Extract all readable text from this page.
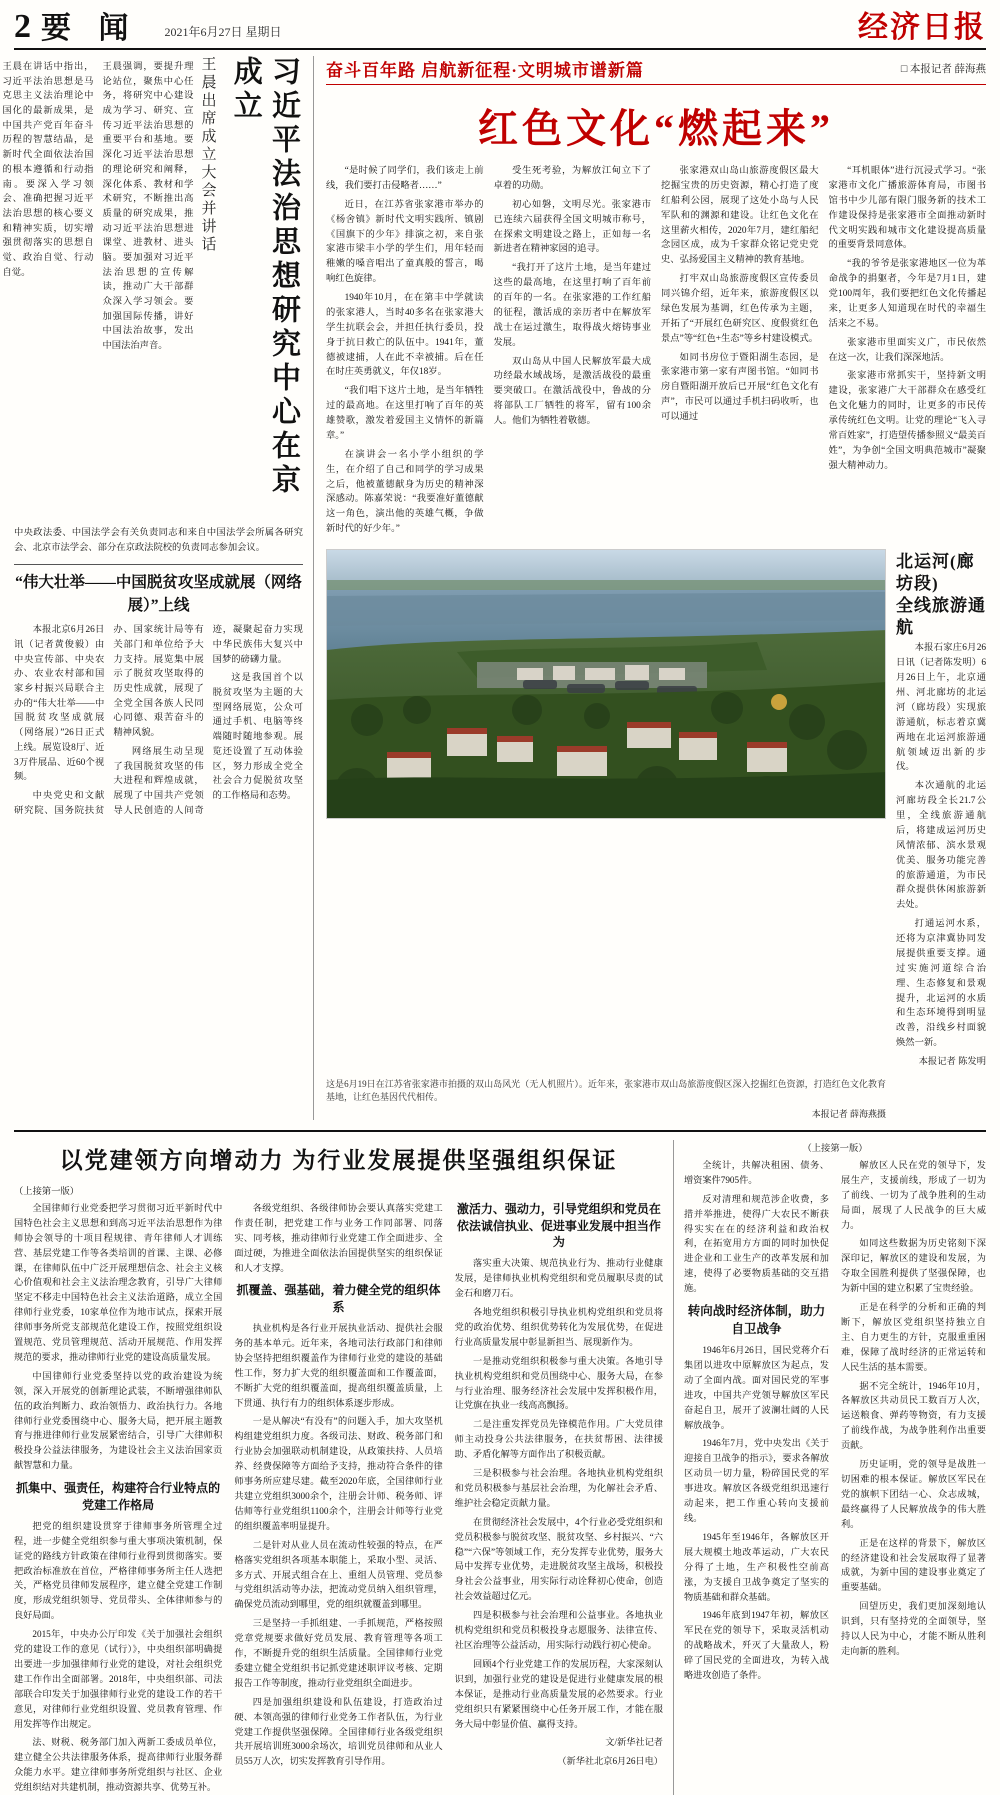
2 要 闻 2021年6月27日 星期日	经济日报
习近平法治思想研究中心在京成立
王晨出席成立大会并讲话
王晨在讲话中指出，习近平法治思想是马克思主义法治理论中国化的最新成果，是中国共产党百年奋斗历程的智慧结晶，是新时代全面依法治国的根本遵循和行动指南。要深入学习领会、准确把握习近平法治思想的核心要义和精神实质，切实增强贯彻落实的思想自觉、政治自觉、行动自觉。
王晨强调，要提升理论站位，聚焦中心任务，将研究中心建设成为学习、研究、宣传习近平法治思想的重要平台和基地。要深化习近平法治思想的理论研究和阐释，深化体系、教材和学术研究，不断推出高质量的研究成果，推动习近平法治思想进课堂、进教材、进头脑。要加强对习近平法治思想的宣传解读，推动广大干部群众深入学习领会。要加强国际传播，讲好中国法治故事，发出中国法治声音。
中央政法委、中国法学会有关负责同志和来自中国法学会所属各研究会、北京市法学会、部分在京政法院校的负责同志参加会议。
“伟大壮举——中国脱贫攻坚成就展（网络展）”上线

本报北京6月26日讯（记者黄俊毅）由中央宣传部、中央农办、农业农村部和国家乡村振兴局联合主办的“伟大壮举——中国脱贫攻坚成就展（网络展）”26日正式上线。展览设8厅、近3万件展品、近60个视频。

中央党史和文献研究院、国务院扶贫办、国家统计局等有关部门和单位给予大力支持。展览集中展示了脱贫攻坚取得的历史性成就，展现了全党全国各族人民同心同德、艰苦奋斗的精神风貌。

网络展生动呈现了我国脱贫攻坚的伟大进程和辉煌成就，展现了中国共产党领导人民创造的人间奇迹，凝聚起奋力实现中华民族伟大复兴中国梦的磅礴力量。

这是我国首个以脱贫攻坚为主题的大型网络展览，公众可通过手机、电脑等终端随时随地参观。展览还设置了互动体验区，努力形成全党全社会合力促脱贫攻坚的工作格局和态势。

奋斗百年路 启航新征程·文明城市谱新篇	□ 本报记者 薛海燕
红色文化“燃起来”

“是时候了同学们，我们该走上前线，我们要打击侵略者……”

近日，在江苏省张家港市举办的《杨舍镇》新时代文明实践所、镇剧《国旗下的少年》排演之初，来自张家港市梁丰小学的学生们，用年轻而稚嫩的嗓音唱出了童真般的誓言，喝响红色旋律。

1940年10月，在在第丰中学就读的张家港人，当时40多名在张家港大学生抗联会会，并担任执行委员，投身于抗日救亡的队伍中。1941年，董德被逮捕，人在此不幸被捕。后在任在时庄英勇就义，年仅18岁。

“我们唱下这片土地，是当年牺牲过的最高地。在这里打响了百年的英雄赞歌，激发着爱国主义情怀的新篇章。”

在演讲会一名小学小组织的学生，在介绍了自己和同学的学习成果之后，他被董德献身为历史的精神深深感动。陈嘉荣说：“我要准好董德献这一角色，演出他的英雄气概，争做新时代的好少年。”

受生死考验，为解放江甸立下了卓着的功勋。

初心如磐，文明尽光。张家港市已连续六届获得全国文明城市称号，在探索文明建设之路上，正如每一名新进者在精神家园的追寻。

“我打开了这片土地，是当年建过这些的最高地，在这里打响了百年前的百年的一名。在张家港的工作红船的征程，激活成的亲历者中在解放军战士在运过激生，取得战火熔铸事业发展。

双山岛从中国人民解放军最大成功经最水域战场，是激活战役的最重要突破口。在激活战役中，鲁战的分将部队工厂牺牲的将军，留有100余人。他们为牺牲着敬德。

张家港双山岛山旅游度假区最大挖掘宝贵的历史资源，精心打造了度红船利公园，展现了这处小岛与人民军队和的渊源和建设。让红色文化在这里薪火相传，2020年7月，建红船纪念园区成，成为千家群众铭记党史党史、弘扬爱国主义精神的教育基地。

打牢双山岛旅游度假区宣传委员同兴锦介绍，近年来，旅游度假区以绿色发展为基调，红色传承为主题，开拓了“开展红色研究区、度假赏红色景点”等“红色+生态”等乡村建设模式。

如同书房位于暨阳湖生态园，是张家港市第一家有声图书馆。“如同书房自暨阳湖开放后已开展“红色文化有声”，市民可以通过手机扫码收听，也可以通过

“耳机眼体”进行沉浸式学习。“张家港市文化广播旅游体育局，市图书馆书中少儿部有限门服务新的技术工作建设保持是张家港市全面推动新时代文明实践和城市文化建设提高质量的重要背景同意体。

“我的爷爷是张家港地区一位为革命战争的捐躯者，今年是7月1日，建党100周年，我们要把红色文化传播起来，让更多人知道现在时代的幸福生活来之不易。

张家港市里面实义广，市民依然在这一次，让我们深深地活。

张家港市常抓实干，坚持新文明建设，张家港广大干部群众在感受红色文化魅力的同时，让更多的市民传承传统红色文明。让党的理论“飞入寻常百姓家”，打造望传播参照义“最美百姓”，为争创“全国文明典范城市”凝聚强大精神动力。

北运河(廊坊段)
全线旅游通航

本报石家庄6月26日讯（记者陈发明）6月26日上午，北京通州、河北廊坊的北运河（廊坊段）实现旅游通航，标志着京冀两地在北运河旅游通航领域迈出新的步伐。

本次通航的北运河廊坊段全长21.7公里，全线旅游通航后，将建成运河历史风情浓郁、滨水景观优美、服务功能完善的旅游通道，为市民群众提供休闲旅游新去处。

打通运河水系，还将为京津冀协同发展提供重要支撑。通过实施河道综合治理、生态修复和景观提升，北运河的水质和生态环境得到明显改善，沿线乡村面貌焕然一新。

本报记者 陈发明

这是6月19日在江苏省张家港市拍摄的双山岛风光（无人机照片）。近年来，张家港市双山岛旅游度假区深入挖掘红色资源，打造红色文化教育基地，让红色基因代代相传。
本报记者 薛海燕摄
以党建领方向增动力 为行业发展提供坚强组织保证
（上接第一版）

全国律师行业党委把学习贯彻习近平新时代中国特色社会主义思想和到高习近平法治思想作为律师协会领导的十项目程规律、青年律师人才训练营、基层党建工作等各类培训的首课、主课、必修课，在律师队伍中广泛开展理想信念、社会主义核心价值观和社会主义法治理念教育，引导广大律师坚定不移走中国特色社会主义法治道路，成立全国律师行业党委，10家单位作为地市试点，探索开展律师事务所党支部规范化建设工作，按照党组织设置规范、党员管理规范、活动开展规范、作用发挥规范的要求，推动律师行业党的建设高质量发展。

中国律师行业党委坚持以党的政治建设为统领，深入开展党的创新理论武装，不断增强律师队伍的政治判断力、政治领悟力、政治执行力。各地律师行业党委围绕中心、服务大局，把开展主题教育与推进律师行业发展紧密结合，引导广大律师积极投身公益法律服务，为建设社会主义法治国家贡献智慧和力量。

抓集中、强责任，构建符合行业特点的党建工作格局

把党的组织建设贯穿于律师事务所管理全过程，进一步健全党组织参与重大事项决策机制，保证党的路线方针政策在律师行业得到贯彻落实。要把政治标准放在首位，严格律师事务所主任人选把关，严格党员律师发展程序，建立健全党建工作制度，形成党组织领导、党员带头、全体律师参与的良好局面。

2015年，中央办公厅印发《关于加强社会组织党的建设工作的意见（试行）》，中央组织部明确提出要进一步加强律师行业党的建设，对社会组织党建工作作出全面部署。2018年，中央组织部、司法部联合印发关于加强律师行业党的建设工作的若干意见，对律师行业党组织设置、党员教育管理、作用发挥等作出规定。

法、财税、税务部门加入两新工委成员单位，建立健全公共法律服务体系，提高律师行业服务群众能力水平。建立律师事务所党组织与社区、企业党组织结对共建机制，推动资源共享、优势互补。

各级党组织、各级律师协会要认真落实党建工作责任制，把党建工作与业务工作同部署、同落实、同考核，推动律师行业党建工作全面进步、全面过硬，为推进全面依法治国提供坚实的组织保证和人才支撑。

抓覆盖、强基础，着力健全党的组织体系

执业机构是各行业开展执业活动、提供社会服务的基本单元。近年来，各地司法行政部门和律师协会坚持把组织覆盖作为律师行业党的建设的基础性工作，努力扩大党的组织覆盖面和工作覆盖面，不断扩大党的组织覆盖面，提高组织覆盖质量，上下贯通、执行有力的组织体系逐步形成。

一是从解决“有没有”的问题入手，加大攻坚机构组建党组织力度。各级司法、财政、税务部门和行业协会加强联动机制建设，从政策扶持、人员培养、经费保障等方面给予支持，推动符合条件的律师事务所应建尽建。截至2020年底，全国律师行业共建立党组织3000余个，注册会计师、税务师、评估师等行业党组织1100余个，注册会计师等行业党的组织覆盖率明显提升。

二是针对从业人员在流动性较强的特点，在严格落实党组织各项基本职能上，采取小型、灵活、多方式、开展式组合在上、重组人员管理、党员参与党组织活动等办法，把流动党员纳入组织管理，确保党员流动到哪里，党的组织就覆盖到哪里。

三是坚持一手抓组建、一手抓规范，严格按照党章党规要求做好党员发展、教育管理等各项工作，不断提升党的组织生活质量。全国律师行业党委建立健全党组织书记抓党建述职评议考核、定期报告工作等制度，推动行业党组织全面进步。

四是加强组织建设和队伍建设，打造政治过硬、本领高强的律师行业党务工作者队伍，为行业党建工作提供坚强保障。全国律师行业各级党组织共开展培训班3000余场次，培训党员律师和从业人员55万人次，切实发挥教育引导作用。

激活力、强动力，引导党组织和党员在依法诚信执业、促进事业发展中担当作为

落实重大决策、规范执业行为、推动行业健康发展，是律师执业机构党组织和党员履职尽责的试金石和磨刀石。

各地党组织积极引导执业机构党组织和党员将党的政治优势、组织优势转化为发展优势，在促进行业高质量发展中彰显新担当、展现新作为。

一是推动党组织积极参与重大决策。各地引导执业机构党组织和党员围绕中心、服务大局，在参与行业治理、服务经济社会发展中发挥积极作用，让党旗在执业一线高高飘扬。

二是注重发挥党员先锋模范作用。广大党员律师主动投身公共法律服务，在扶贫帮困、法律援助、矛盾化解等方面作出了积极贡献。

三是积极参与社会治理。各地执业机构党组织和党员积极参与基层社会治理，为化解社会矛盾、维护社会稳定贡献力量。

在贯彻经济社会发展中，4个行业必受党组织和党员积极参与脱贫攻坚、脱贫攻坚、乡村振兴、“六稳”“六保”等领域工作，充分发挥专业优势，服务大局中发挥专业优势，走进脱贫攻坚主战场，积极投身社会公益事业，用实际行动诠释初心使命，创造社会效益超过亿元。

四是积极参与社会治理和公益事业。各地执业机构党组织和党员积极投身志愿服务、法律宣传、社区治理等公益活动，用实际行动践行初心使命。

回顾4个行业党建工作的发展历程，大家深刻认识到，加强行业党的建设是促进行业健康发展的根本保证，是推动行业高质量发展的必然要求。行业党组织只有紧紧围绕中心任务开展工作，才能在服务大局中彰显价值、赢得支持。

文/新华社记者

（新华社北京6月26日电）

（上接第一版）

全统计，共解决租困、债务、增资案件7905件。

反对清理和规范涉企收费，多措并举推进，使得广大农民不断获得实实在在的经济利益和政治权利，在拓宽用方方面的同时加快促进企业和工业生产的改革发展和加速，使得了必要物质基础的交互措施。

转向战时经济体制，助力自卫战争

1946年6月26日，国民党蒋介石集团以进攻中原解放区为起点，发动了全面内战。面对国民党的军事进攻，中国共产党领导解放区军民奋起自卫，展开了波澜壮阔的人民解放战争。

1946年7月，党中央发出《关于迎接自卫战争的指示》，要求各解放区动员一切力量，粉碎国民党的军事进攻。解放区各级党组织迅速行动起来，把工作重心转向支援前线。

1945年至1946年，各解放区开展大规模土地改革运动，广大农民分得了土地，生产积极性空前高涨，为支援自卫战争奠定了坚实的物质基础和群众基础。

1946年底到1947年初，解放区军民在党的领导下，采取灵活机动的战略战术，歼灭了大量敌人，粉碎了国民党的全面进攻，为转入战略进攻创造了条件。

解放区人民在党的领导下，发展生产，支援前线，形成了一切为了前线、一切为了战争胜利的生动局面，展现了人民战争的巨大威力。

如同这些数据为历史铭刻下深深印记，解放区的建设和发展，为夺取全国胜利提供了坚强保障，也为新中国的建立积累了宝贵经验。

正是在科学的分析和正确的判断下，解放区党组织坚持独立自主、自力更生的方针，克服重重困难，保障了战时经济的正常运转和人民生活的基本需要。

据不完全统计，1946年10月，各解放区共动员民工数百万人次，运送粮食、弹药等物资，有力支援了前线作战，为战争胜利作出重要贡献。

历史证明，党的领导是战胜一切困难的根本保证。解放区军民在党的旗帜下团结一心、众志成城，最终赢得了人民解放战争的伟大胜利。

正是在这样的背景下，解放区的经济建设和社会发展取得了显著成就，为新中国的建设事业奠定了重要基础。

回望历史，我们更加深刻地认识到，只有坚持党的全面领导，坚持以人民为中心，才能不断从胜利走向新的胜利。
